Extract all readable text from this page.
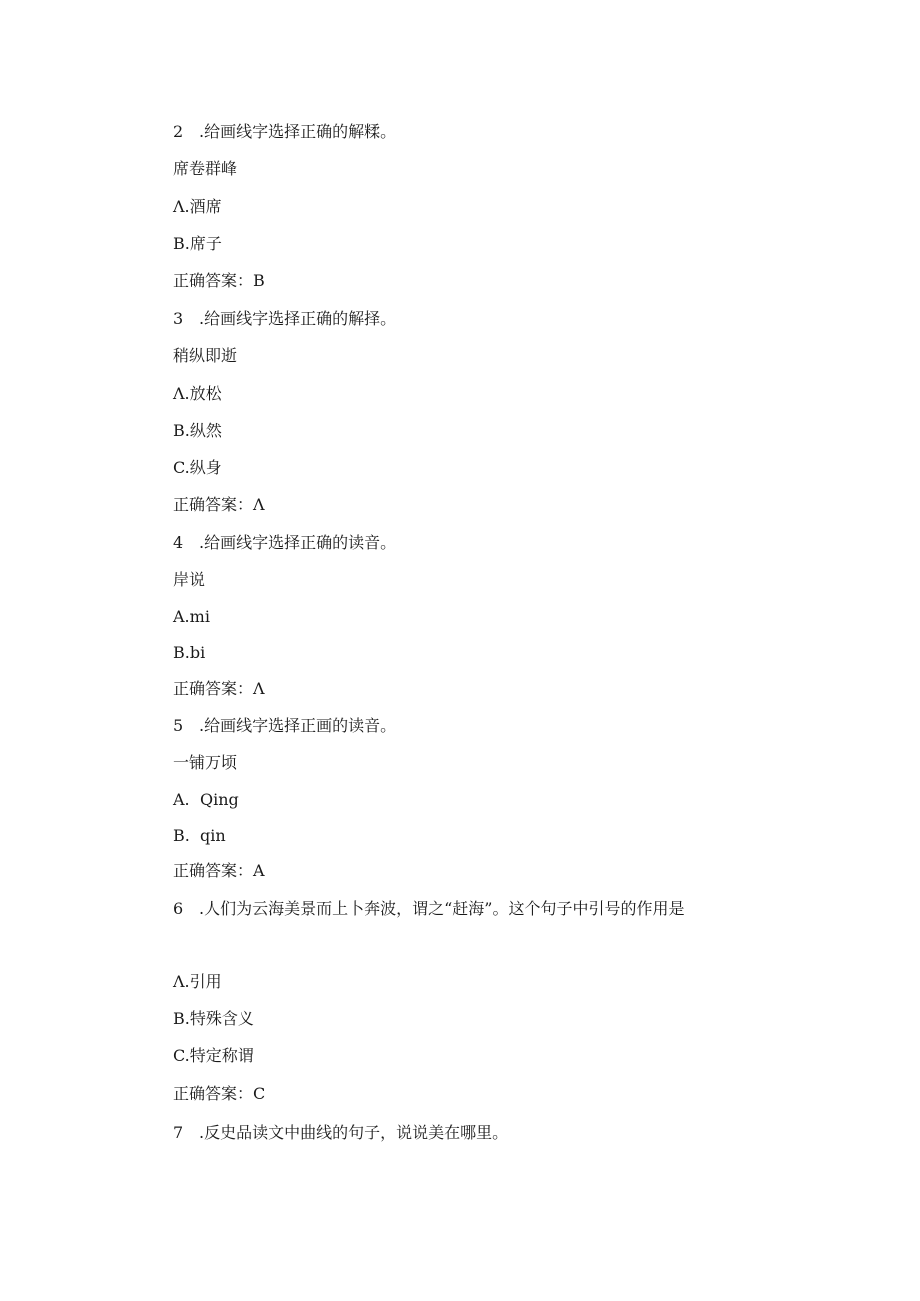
2 .给画线字选择正确的解糅。
席卷群峰
Λ.酒席
B.席子
正确答案：B
3 .给画线字选择正确的解择。
稍纵即逝
Λ.放松
B.纵然
C.纵身
正确答案：Λ
4 .给画线字选择正确的读音。
岸说
A.mi
B.bi
正确答案：Λ
5 .给画线字选择正画的读音。
一铺万顷
A. Qing
B. qin
正确答案：A
6 .人们为云海美景而上卜奔波，谓之“赶海”。这个句子中引号的作用是
Λ.引用
B.特殊含义
C.特定称谓
正确答案：C
7 .反史品读文中曲线的句子，说说美在哪里。
